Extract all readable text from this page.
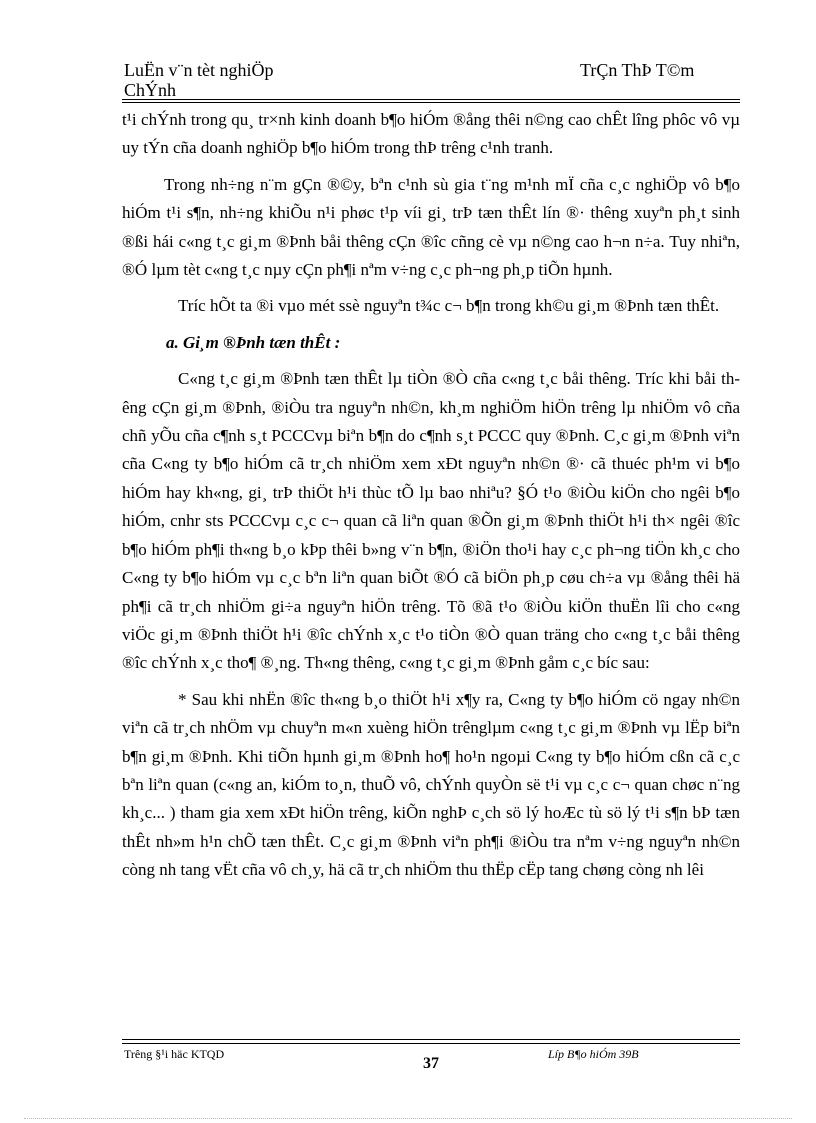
LuËn v¨n tèt nghiÖp
ChÝnh
TrÇn ThÞ T©m

t¹i chÝnh trong qu¸ tr×nh kinh doanh b¶o hiÓm ®ång thêi n©ng cao chÊt lîng phôc vô vµ uy tÝn cña doanh nghiÖp b¶o hiÓm trong thÞ trêng c¹nh tranh.

Trong nh÷ng n¨m gÇn ®©y, bªn c¹nh sù gia t¨ng m¹nh mÏ cña c¸c nghiÖp vô b¶o hiÓm t¹i s¶n, nh÷ng khiÕu n¹i phøc t¹p víi gi¸ trÞ tæn thÊt lín ®· thêng xuyªn ph¸t sinh ®ßi hái c«ng t¸c gi¸m ®Þnh båi thêng cÇn ®îc cñng cè vµ n©ng cao h¬n n÷a. Tuy nhiªn, ®Ó lµm tèt c«ng t¸c nµy cÇn ph¶i nªm v÷ng c¸c ph¬ng ph¸p tiÕn hµnh.

Tríc hÕt ta ®i vµo mét ssè nguyªn t¾c c¬ b¶n trong kh©u gi¸m ®Þnh tæn thÊt.

a. Gi¸m ®Þnh tæn thÊt :

C«ng t¸c gi¸m ®Þnh tæn thÊt lµ tiÒn ®Ò cña c«ng t¸c båi thêng. Tríc khi båi thêng cÇn gi¸m ®Þnh, ®iÒu tra nguyªn nh©n, kh¸m nghiÖm hiÖn trêng lµ nhiÖm vô cña chñ yÕu cña c¶nh s¸t PCCCvµ biªn b¶n do c¶nh s¸t PCCC quy ®Þnh. C¸c gi¸m ®Þnh viªn cña C«ng ty b¶o hiÓm cã tr¸ch nhiÖm xem xÐt nguyªn nh©n ®· cã thuéc ph¹m vi b¶o hiÓm hay kh«ng, gi¸ trÞ thiÖt h¹i thùc tÕ lµ bao nhiªu? §Ó t¹o ®iÒu kiÖn cho ngêi b¶o hiÓm, cnhr sts PCCCvµ c¸c c¬ quan cã liªn quan ®Õn gi¸m ®Þnh thiÖt h¹i th× ngêi ®îc b¶o hiÓm ph¶i th«ng b¸o kÞp thêi b»ng v¨n b¶n, ®iÖn tho¹i hay c¸c ph¬ng tiÖn kh¸c cho C«ng ty b¶o hiÓm vµ c¸c bªn liªn quan biÕt ®Ó cã biÖn ph¸p cøu ch÷a vµ ®ång thêi hä ph¶i cã tr¸ch nhiÖm gi÷a nguyªn hiÖn trêng. Tõ ®ã t¹o ®iÒu kiÖn thuËn lîi cho c«ng viÖc gi¸m ®Þnh thiÖt h¹i ®îc chÝnh x¸c t¹o tiÒn ®Ò quan träng cho c«ng t¸c båi thêng ®îc chÝnh x¸c tho¶ ®¸ng. Th«ng thêng, c«ng t¸c gi¸m ®Þnh gåm c¸c bíc sau:

* Sau khi nhËn ®îc th«ng b¸o thiÖt h¹i x¶y ra, C«ng ty b¶o hiÓm cö ngay nh©n viªn cã tr¸ch nhÖm vµ chuyªn m«n xuèng hiÖn trênglµm c«ng t¸c gi¸m ®Þnh vµ lËp biªn b¶n gi¸m ®Þnh. Khi tiÕn hµnh gi¸m ®Þnh ho¶ ho¹n ngoµi C«ng ty b¶o hiÓm cßn cã c¸c bªn liªn quan (c«ng an, kiÓm to¸n, thuÕ vô, chÝnh quyÒn së t¹i vµ c¸c c¬ quan chøc n¨ng kh¸c... ) tham gia xem xÐt hiÖn trêng, kiÕn nghÞ c¸ch sö lý hoÆc tù sö lý t¹i s¶n bÞ tæn thÊt nh»m h¹n chÕ tæn thÊt. C¸c gi¸m ®Þnh viªn ph¶i ®iÒu tra nªm v÷ng nguyªn nh©n còng nh tang vËt cña vô ch¸y, hä cã tr¸ch nhiÖm thu thËp cËp tang chøng còng nh lêi

Trêng §¹i häc KTQD
37
Líp B¶o hiÓm 39B
